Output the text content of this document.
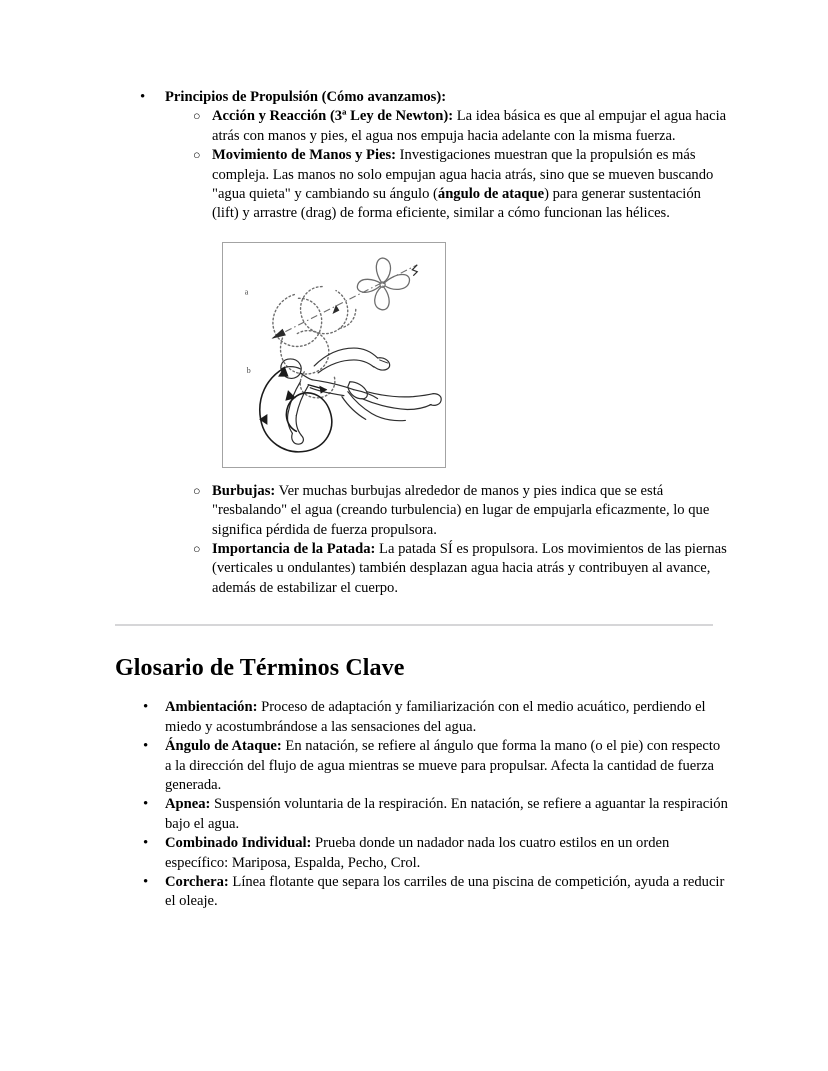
•	Principios de Propulsión (Cómo avanzamos):
○ Acción y Reacción (3ª Ley de Newton): La idea básica es que al empujar el agua hacia atrás con manos y pies, el agua nos empuja hacia adelante con la misma fuerza.
○ Movimiento de Manos y Pies: Investigaciones muestran que la propulsión es más compleja. Las manos no solo empujan agua hacia atrás, sino que se mueven buscando "agua quieta" y cambiando su ángulo (ángulo de ataque) para generar sustentación (lift) y arrastre (drag) de forma eficiente, similar a cómo funcionan las hélices.
a
b
○ Burbujas: Ver muchas burbujas alrededor de manos y pies indica que se está "resbalando" el agua (creando turbulencia) en lugar de empujarla eficazmente, lo que significa pérdida de fuerza propulsora.
○ Importancia de la Patada: La patada SÍ es propulsora. Los movimientos de las piernas (verticales u ondulantes) también desplazan agua hacia atrás y contribuyen al avance, además de estabilizar el cuerpo.
Glosario de Términos Clave
•	Ambientación: Proceso de adaptación y familiarización con el medio acuático, perdiendo el miedo y acostumbrándose a las sensaciones del agua.
•	Ángulo de Ataque: En natación, se refiere al ángulo que forma la mano (o el pie) con respecto a la dirección del flujo de agua mientras se mueve para propulsar. Afecta la cantidad de fuerza generada.
•	Apnea: Suspensión voluntaria de la respiración. En natación, se refiere a aguantar la respiración bajo el agua.
•	Combinado Individual: Prueba donde un nadador nada los cuatro estilos en un orden específico: Mariposa, Espalda, Pecho, Crol.
•	Corchera: Línea flotante que separa los carriles de una piscina de competición, ayuda a reducir el oleaje.
